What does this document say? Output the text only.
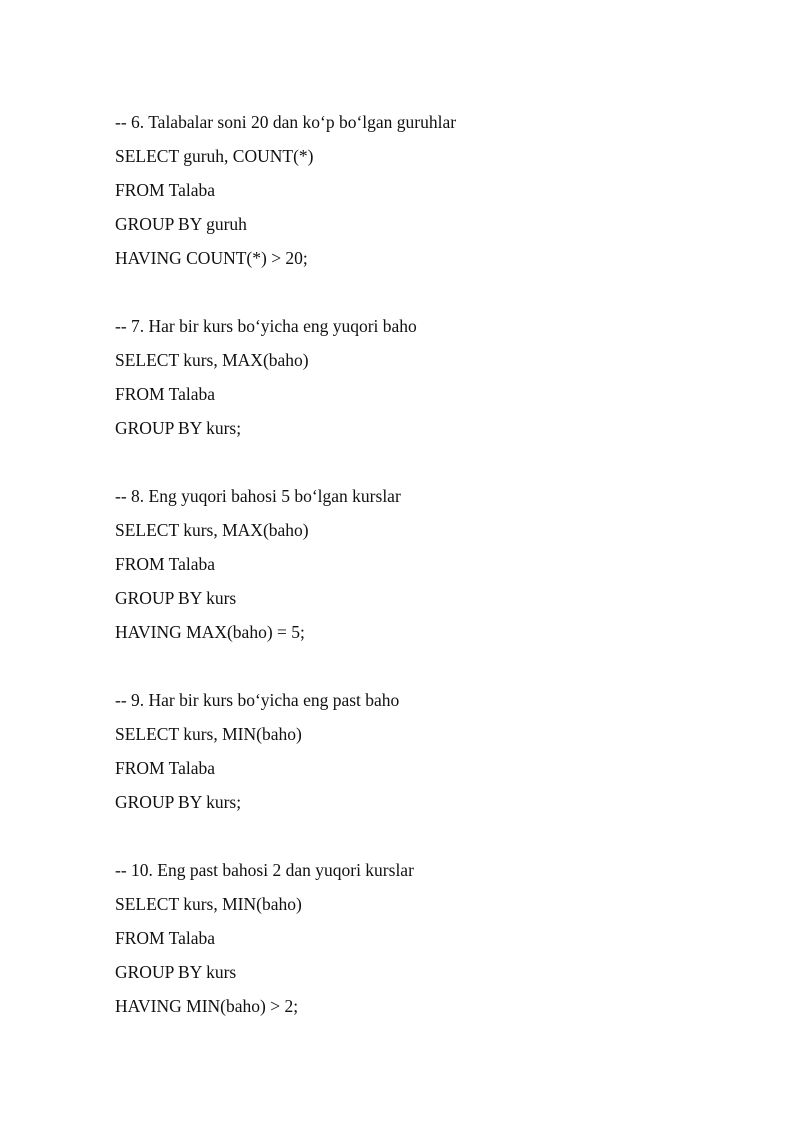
-- 6. Talabalar soni 20 dan ko‘p bo‘lgan guruhlar
SELECT guruh, COUNT(*)
FROM Talaba
GROUP BY guruh
HAVING COUNT(*) > 20;
-- 7. Har bir kurs bo‘yicha eng yuqori baho
SELECT kurs, MAX(baho)
FROM Talaba
GROUP BY kurs;
-- 8. Eng yuqori bahosi 5 bo‘lgan kurslar
SELECT kurs, MAX(baho)
FROM Talaba
GROUP BY kurs
HAVING MAX(baho) = 5;
-- 9. Har bir kurs bo‘yicha eng past baho
SELECT kurs, MIN(baho)
FROM Talaba
GROUP BY kurs;
-- 10. Eng past bahosi 2 dan yuqori kurslar
SELECT kurs, MIN(baho)
FROM Talaba
GROUP BY kurs
HAVING MIN(baho) > 2;
